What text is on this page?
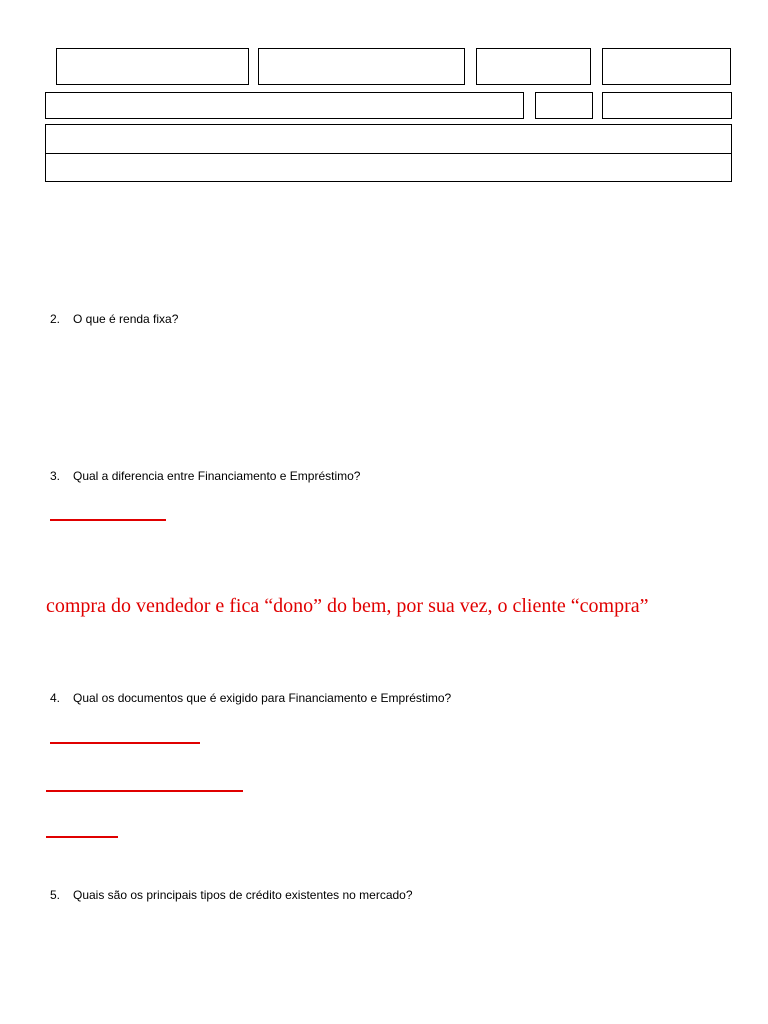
2. O que é renda fixa?
3. Qual a diferencia entre Financiamento e Empréstimo?
compra do vendedor e fica “dono” do bem, por sua vez, o cliente “compra”
4. Qual os documentos que é exigido para Financiamento e Empréstimo?
5. Quais são os principais tipos de crédito existentes no mercado?
